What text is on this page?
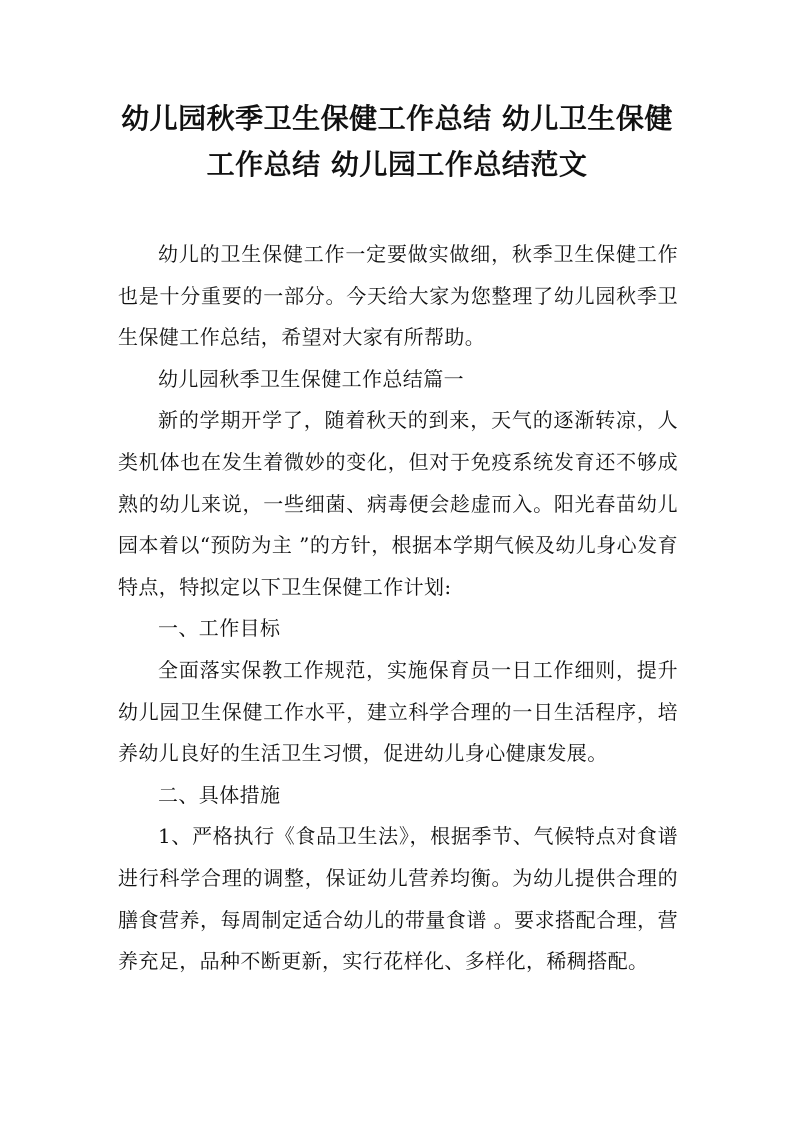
幼儿园秋季卫生保健工作总结 幼儿卫生保健工作总结 幼儿园工作总结范文

幼儿的卫生保健工作一定要做实做细，秋季卫生保健工作也是十分重要的一部分。今天给大家为您整理了幼儿园秋季卫生保健工作总结，希望对大家有所帮助。

幼儿园秋季卫生保健工作总结篇一

新的学期开学了，随着秋天的到来，天气的逐渐转凉，人类机体也在发生着微妙的变化，但对于免疫系统发育还不够成熟的幼儿来说，一些细菌、病毒便会趁虚而入。阳光春苗幼儿园本着以“预防为主 ”的方针，根据本学期气候及幼儿身心发育特点，特拟定以下卫生保健工作计划:

一、工作目标

全面落实保教工作规范，实施保育员一日工作细则，提升幼儿园卫生保健工作水平，建立科学合理的一日生活程序，培养幼儿良好的生活卫生习惯，促进幼儿身心健康发展。

二、具体措施

1、严格执行《食品卫生法》，根据季节、气候特点对食谱进行科学合理的调整，保证幼儿营养均衡。为幼儿提供合理的膳食营养，每周制定适合幼儿的带量食谱 。要求搭配合理，营养充足，品种不断更新，实行花样化、多样化，稀稠搭配。
